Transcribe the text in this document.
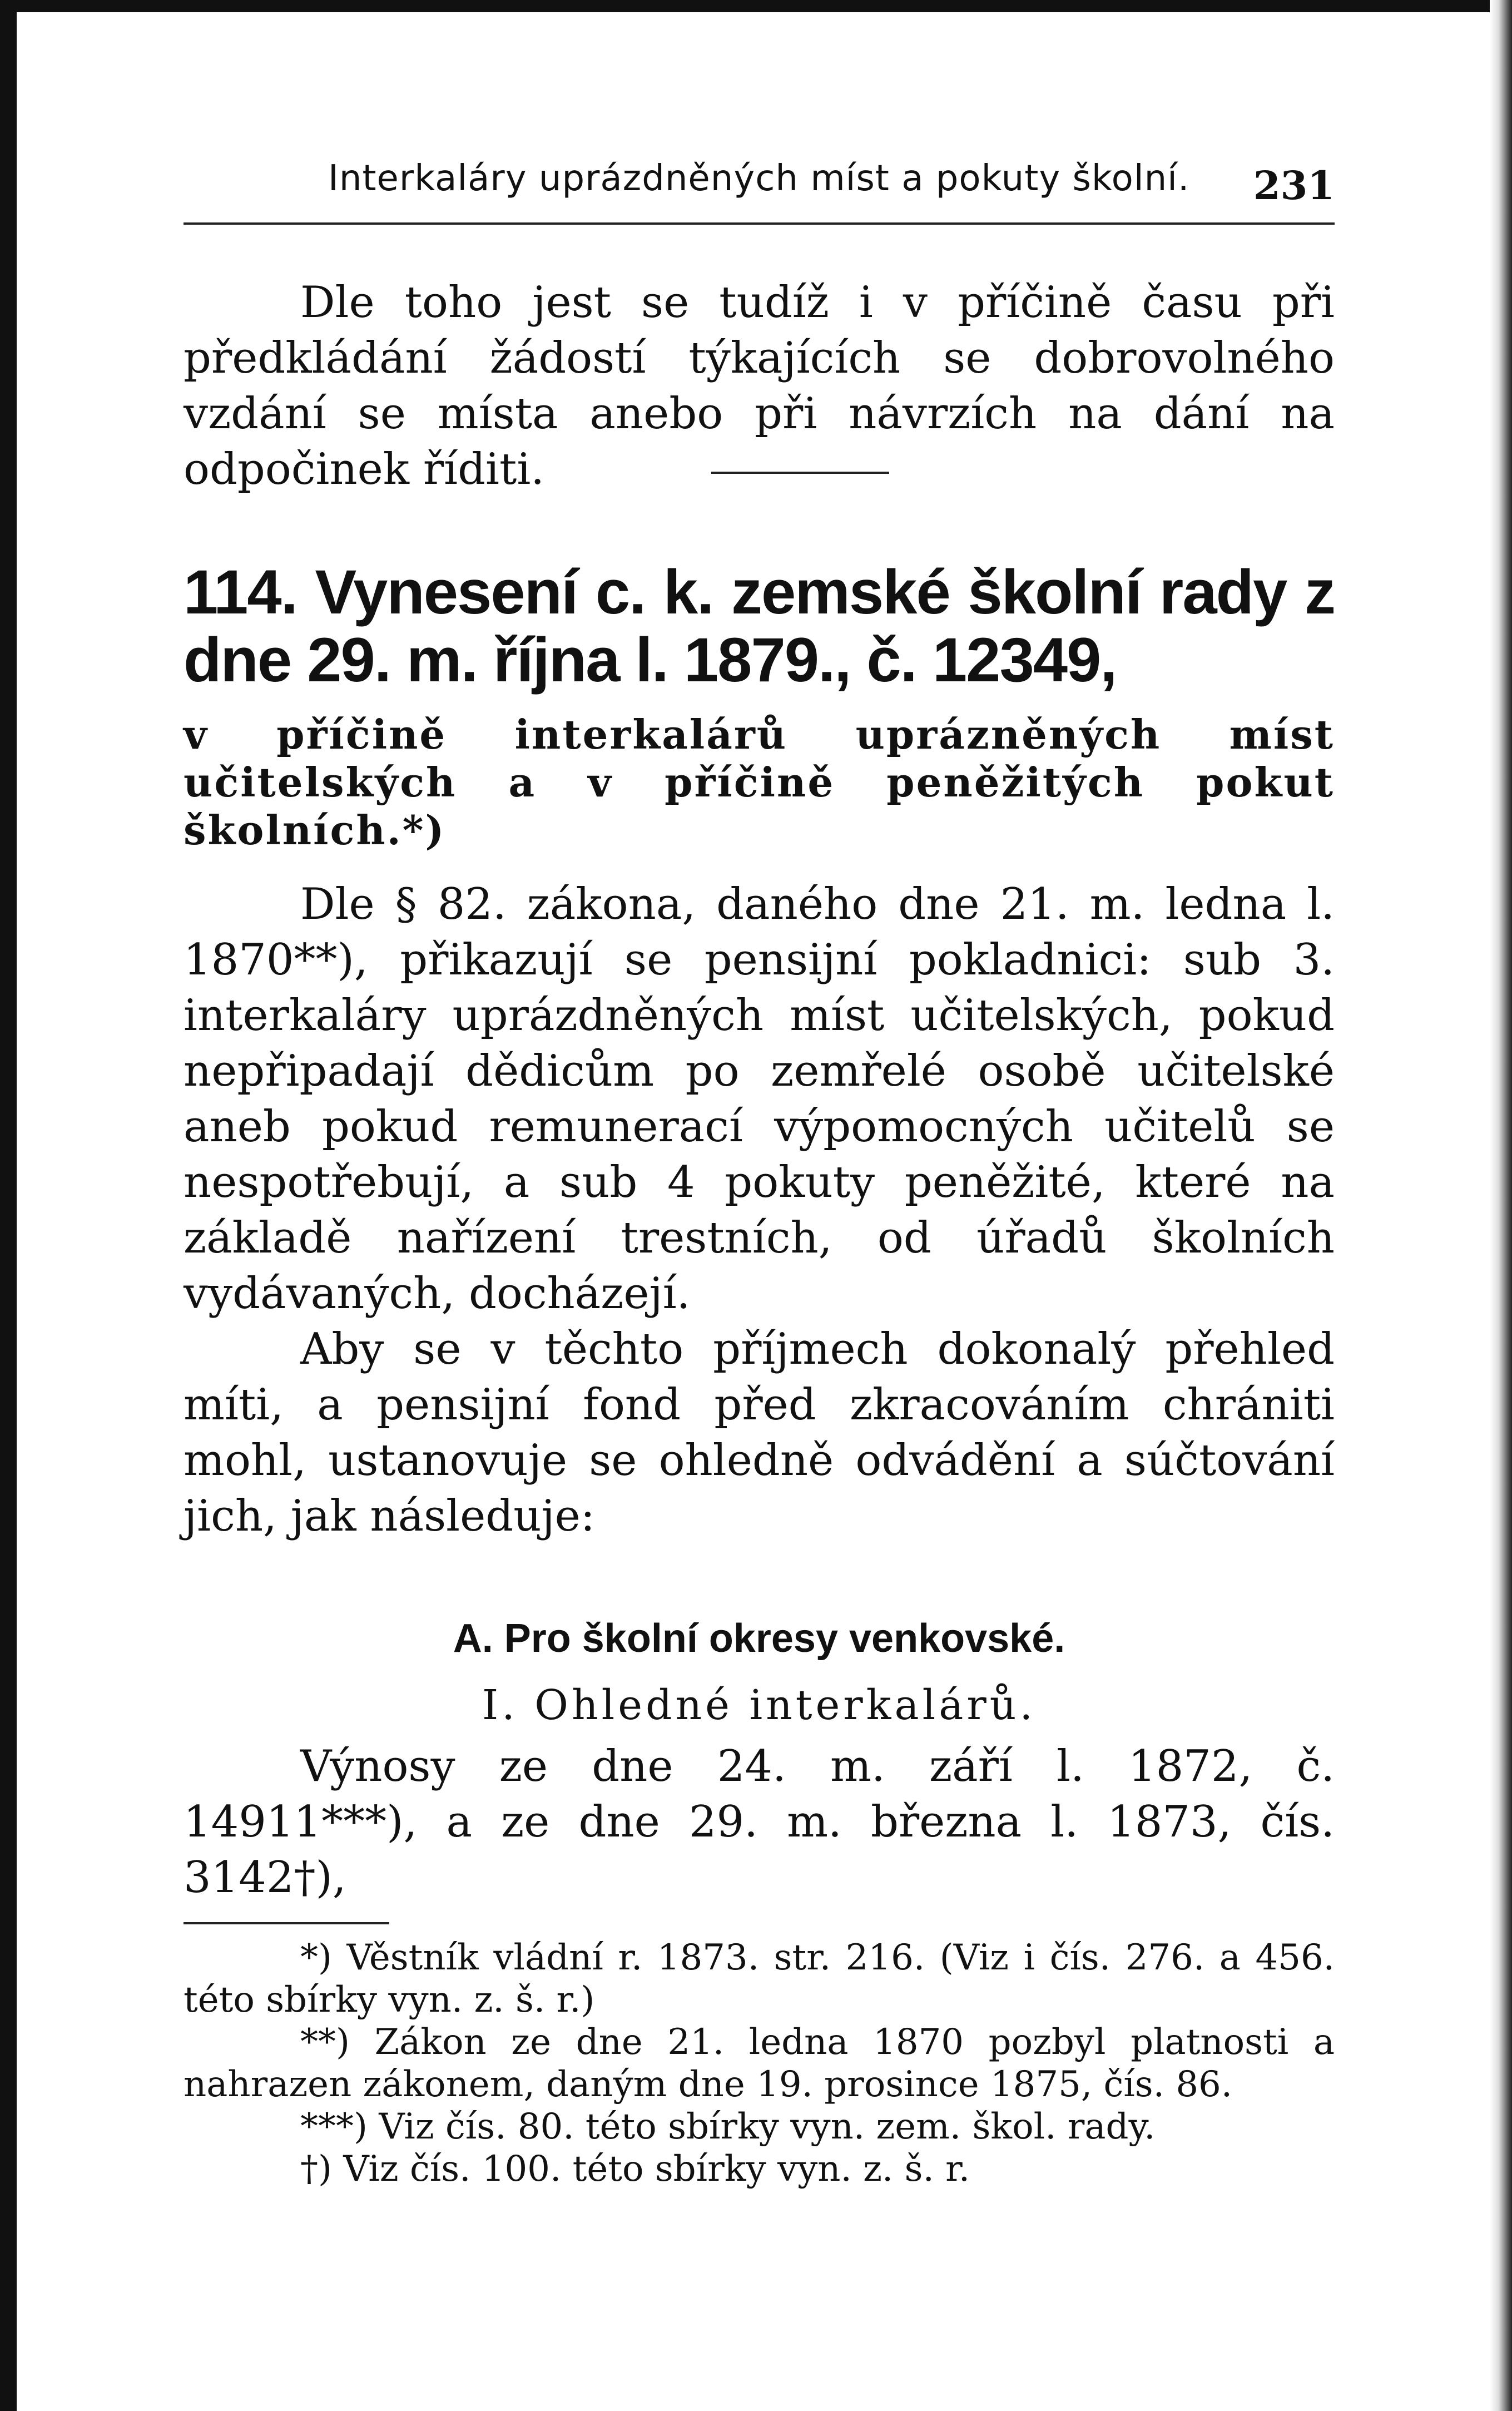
Interkaláry uprázdněných míst a pokuty školní. 231

Dle toho jest se tudíž i v příčině času při předkládání žádostí týkajících se dobrovolného vzdání se místa anebo při návrzích na dání na odpočinek říditi.

114. Vynesení c. k. zemské školní rady z dne 29. m. října l. 1879., č. 12349,
v příčině interkalárů uprázněných míst učitelských a v příčině peněžitých pokut školních.*)

Dle § 82. zákona, daného dne 21. m. ledna l. 1870**), přikazují se pensijní pokladnici: sub 3. interkaláry uprázdněných míst učitelských, pokud nepřipadají dědicům po zemřelé osobě učitelské aneb pokud remunerací výpomocných učitelů se nespotřebují, a sub 4 pokuty peněžité, které na základě nařízení trestních, od úřadů školních vydávaných, docházejí.

Aby se v těchto příjmech dokonalý přehled míti, a pensijní fond před zkracováním chrániti mohl, ustanovuje se ohledně odvádění a súčtování jich, jak následuje:

A. Pro školní okresy venkovské.
I. Ohledné interkalárů.

Výnosy ze dne 24. m. září l. 1872, č. 14911***), a ze dne 29. m. března l. 1873, čís. 3142†),

*) Věstník vládní r. 1873. str. 216. (Viz i čís. 276. a 456. této sbírky vyn. z. š. r.)

**) Zákon ze dne 21. ledna 1870 pozbyl platnosti a nahrazen zákonem, daným dne 19. prosince 1875, čís. 86.

***) Viz čís. 80. této sbírky vyn. zem. škol. rady.

†) Viz čís. 100. této sbírky vyn. z. š. r.
